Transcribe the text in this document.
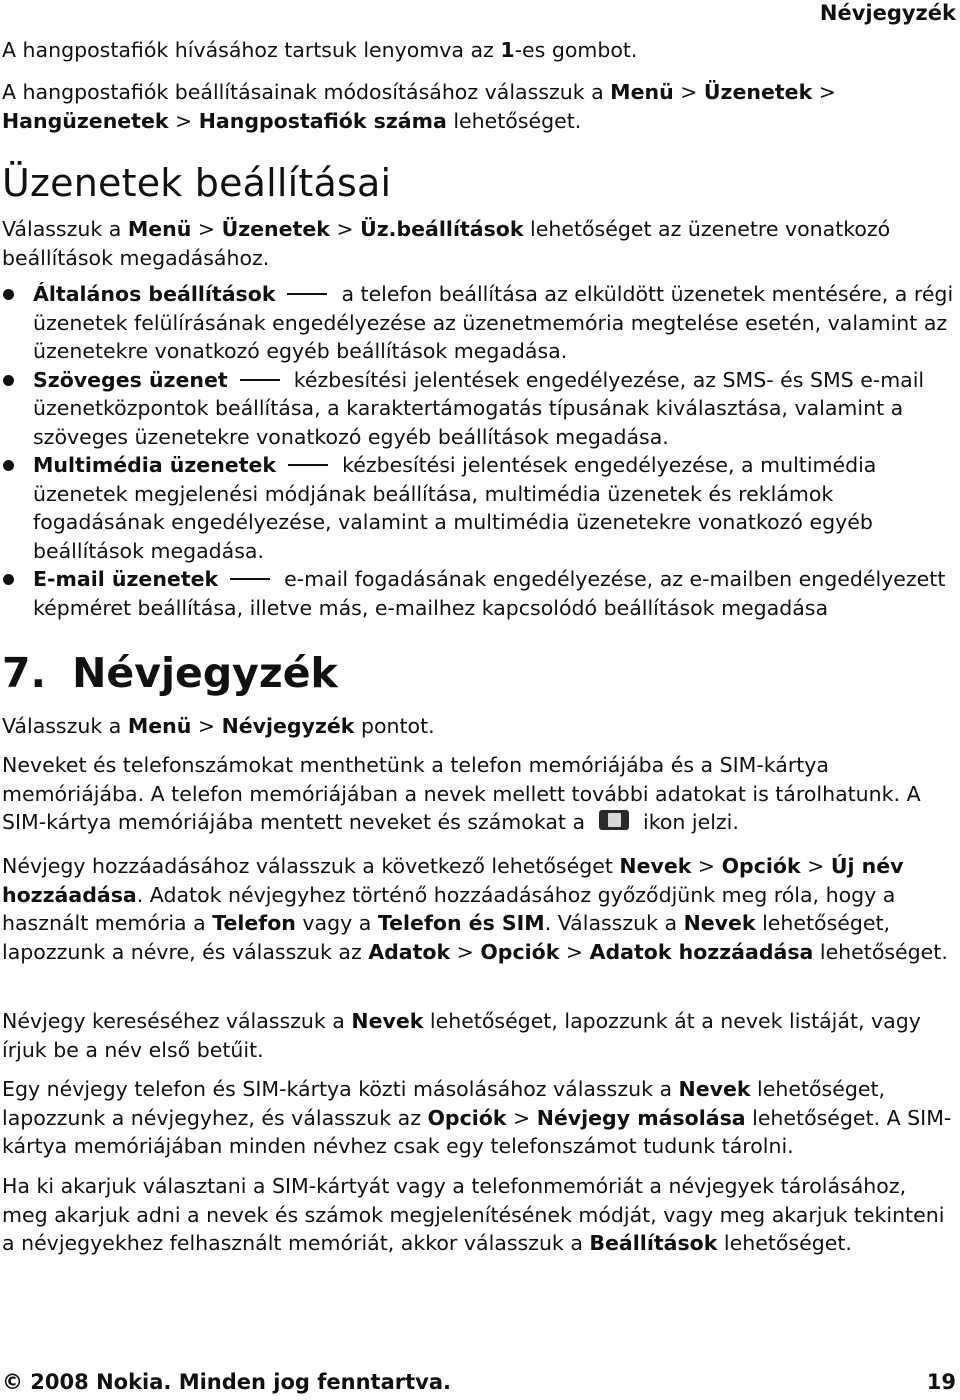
Névjegyzék

A hangpostafiók hívásához tartsuk lenyomva az 1-es gombot.

A hangpostafiók beállításainak módosításához válasszuk a Menü > Üzenetek > Hangüzenetek > Hangpostafiók száma lehetőséget.

Üzenetek beállításai

Válasszuk a Menü > Üzenetek > Üz.beállítások lehetőséget az üzenetre vonatkozó beállítások megadásához.

Általános beállítások	a telefon beállítása az elküldött üzenetek mentésére, a régi üzenetek felülírásának engedélyezése az üzenetmemória megtelése esetén, valamint az üzenetekre vonatkozó egyéb beállítások megadása.
Szöveges üzenet	kézbesítési jelentések engedélyezése, az SMS- és SMS e-mail üzenetközpontok beállítása, a karaktertámogatás típusának kiválasztása, valamint a szöveges üzenetekre vonatkozó egyéb beállítások megadása.
Multimédia üzenetek	kézbesítési jelentések engedélyezése, a multimédia üzenetek megjelenési módjának beállítása, multimédia üzenetek és reklámok fogadásának engedélyezése, valamint a multimédia üzenetekre vonatkozó egyéb beállítások megadása.
E-mail üzenetek	e-mail fogadásának engedélyezése, az e-mailben engedélyezett képméret beállítása, illetve más, e-mailhez kapcsolódó beállítások megadása
7. Névjegyzék

Válasszuk a Menü > Névjegyzék pontot.

Neveket és telefonszámokat menthetünk a telefon memóriájába és a SIM-kártya memóriájába. A telefon memóriájában a nevek mellett további adatokat is tárolhatunk. A SIM-kártya memóriájába mentett neveket és számokat a	ikon jelzi.

Névjegy hozzáadásához válasszuk a következő lehetőséget Nevek > Opciók > Új név hozzáadása. Adatok névjegyhez történő hozzáadásához győződjünk meg róla, hogy a használt memória a Telefon vagy a Telefon és SIM. Válasszuk a Nevek lehetőséget, lapozzunk a névre, és válasszuk az Adatok > Opciók > Adatok hozzáadása lehetőséget.

Névjegy kereséséhez válasszuk a Nevek lehetőséget, lapozzunk át a nevek listáját, vagy írjuk be a név első betűit.

Egy névjegy telefon és SIM-kártya közti másolásához válasszuk a Nevek lehetőséget, lapozzunk a névjegyhez, és válasszuk az Opciók > Névjegy másolása lehetőséget. A SIM-kártya memóriájában minden névhez csak egy telefonszámot tudunk tárolni.

Ha ki akarjuk választani a SIM-kártyát vagy a telefonmemóriát a névjegyek tárolásához, meg akarjuk adni a nevek és számok megjelenítésének módját, vagy meg akarjuk tekinteni a névjegyekhez felhasznált memóriát, akkor válasszuk a Beállítások lehetőséget.

© 2008 Nokia. Minden jog fenntartva.	19
